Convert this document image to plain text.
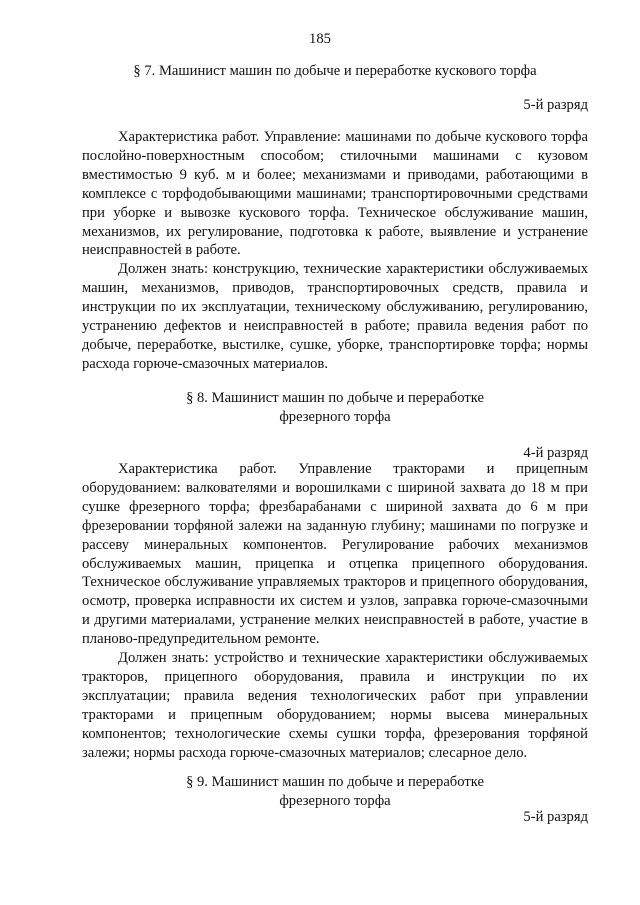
185

§ 7. Машинист машин по добыче и переработке кускового торфа

5-й разряд

Характеристика работ. Управление: машинами по добыче кускового торфа послойно-поверхностным способом; стилочными машинами с кузовом вместимостью 9 куб. м и более; механизмами и приводами, работающими в комплексе с торфодобывающими машинами; транспортировочными средствами при уборке и вывозке кускового торфа. Техническое обслуживание машин, механизмов, их регулирование, подготовка к работе, выявление и устранение неисправностей в работе.

Должен знать: конструкцию, технические характеристики обслуживаемых машин, механизмов, приводов, транспортировочных средств, правила и инструкции по их эксплуатации, техническому обслуживанию, регулированию, устранению дефектов и неисправностей в работе; правила ведения работ по добыче, переработке, выстилке, сушке, уборке, транспортировке торфа; нормы расхода горюче-смазочных материалов.

§ 8. Машинист машин по добыче и переработке

фрезерного торфа

4-й разряд

Характеристика работ. Управление тракторами и прицепным оборудованием: валкователями и ворошилками с шириной захвата до 18 м при сушке фрезерного торфа; фрезбарабанами с шириной захвата до 6 м при фрезеровании торфяной залежи на заданную глубину; машинами по погрузке и рассеву минеральных компонентов. Регулирование рабочих механизмов обслуживаемых машин, прицепка и отцепка прицепного оборудования. Техническое обслуживание управляемых тракторов и прицепного оборудования, осмотр, проверка исправности их систем и узлов, заправка горюче-смазочными и другими материалами, устранение мелких неисправностей в работе, участие в планово-предупредительном ремонте.

Должен знать: устройство и технические характеристики обслуживаемых тракторов, прицепного оборудования, правила и инструкции по их эксплуатации; правила ведения технологических работ при управлении тракторами и прицепным оборудованием; нормы высева минеральных компонентов; технологические схемы сушки торфа, фрезерования торфяной залежи; нормы расхода горюче-смазочных материалов; слесарное дело.

§ 9. Машинист машин по добыче и переработке

фрезерного торфа

5-й разряд
